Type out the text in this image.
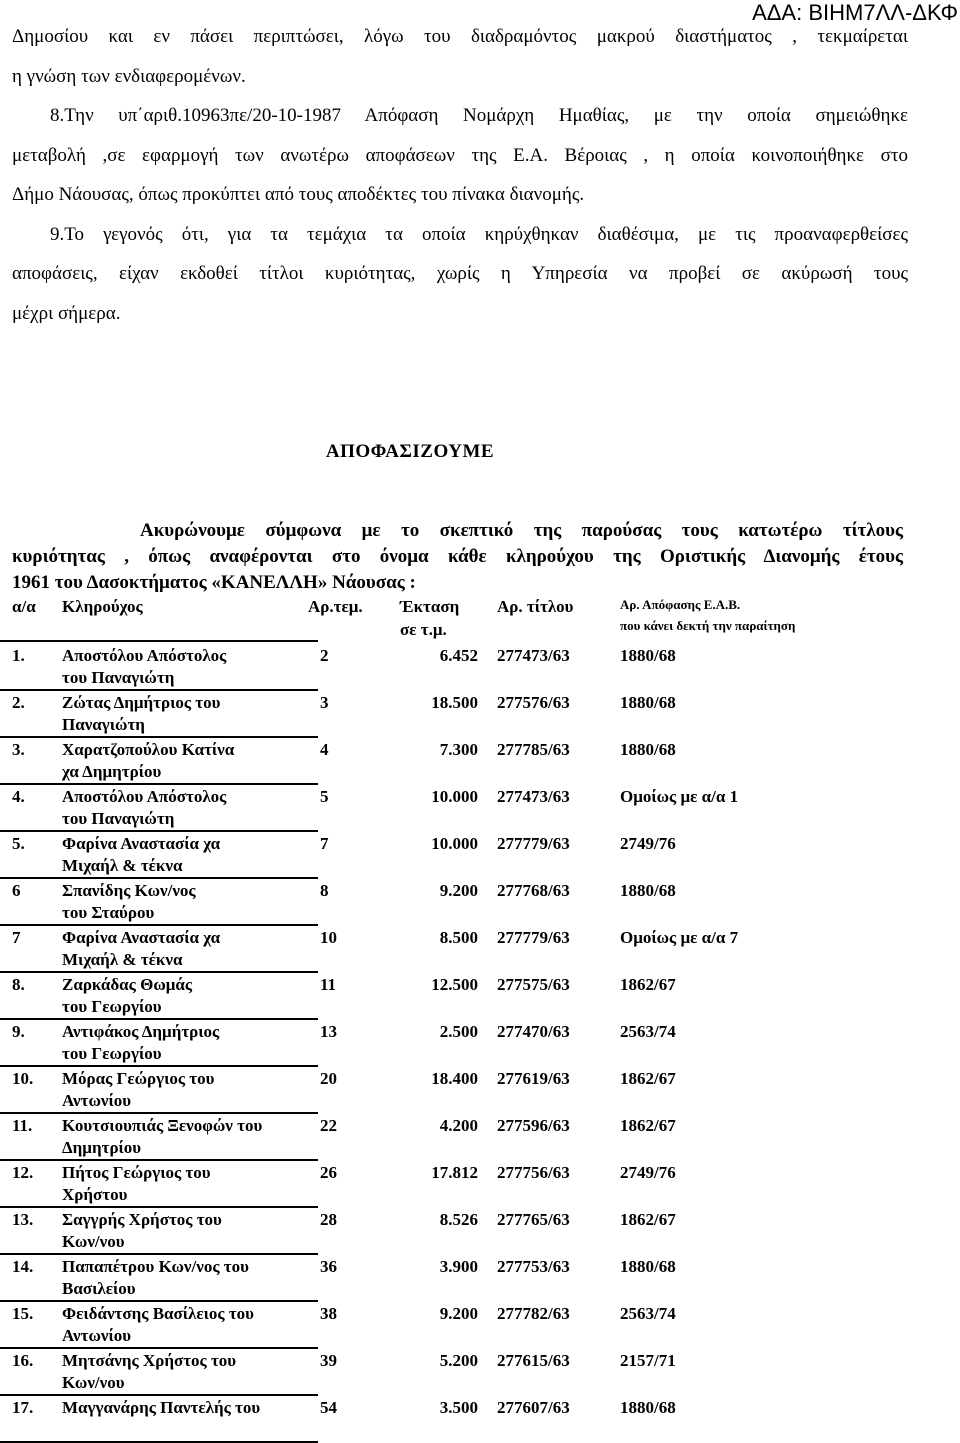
ΑΔΑ: ΒΙΗΜ7ΛΛ-ΔΚΦ
Δημοσίου και εν πάσει περιπτώσει, λόγω του διαδραμόντος μακρού διαστήματος , τεκμαίρεται
η γνώση των ενδιαφερομένων.
8.Την υπ΄αριθ.10963πε/20-10-1987 Απόφαση Νομάρχη Ημαθίας, με την οποία σημειώθηκε
μεταβολή ,σε εφαρμογή των ανωτέρω αποφάσεων της Ε.Α. Βέροιας , η οποία κοινοποιήθηκε στο
Δήμο Νάουσας, όπως προκύπτει από τους αποδέκτες του πίνακα διανομής.
9.Το γεγονός ότι, για τα τεμάχια τα οποία κηρύχθηκαν διαθέσιμα, με τις προαναφερθείσες
αποφάσεις, είχαν εκδοθεί τίτλοι κυριότητας, χωρίς η Υπηρεσία να προβεί σε ακύρωσή τους
μέχρι σήμερα.
ΑΠΟΦΑΣΙΖΟΥΜΕ
Ακυρώνουμε σύμφωνα με το σκεπτικό της παρούσας τους κατωτέρω τίτλους
κυριότητας , όπως αναφέρονται στο όνομα κάθε κληρούχου της Οριστικής Διανομής έτους
1961 του Δασοκτήματος «ΚΑΝΕΛΛΗ» Νάουσας :
α/α Κληρούχος	Αρ.τεμ. Έκταση
σε τ.μ.
Αρ. τίτλου	Αρ. Απόφασης Ε.Α.Β.
που κάνει δεκτή την παραίτηση
1. Αποστόλου Απόστολος	2	6.452 277473/63	1880/68
του Παναγιώτη
2. Ζώτας Δημήτριος του	3	18.500 277576/63	1880/68
Παναγιώτη
3. Χαρατζοπούλου Κατίνα	4	7.300 277785/63	1880/68
χα Δημητρίου
4. Αποστόλου Απόστολος	5	10.000 277473/63	Ομοίως με α/α 1
του Παναγιώτη
5. Φαρίνα Αναστασία χα	7	10.000 277779/63	2749/76
Μιχαήλ & τέκνα
6 Σπανίδης Κων/νος	8	9.200 277768/63	1880/68
του Σταύρου
7 Φαρίνα Αναστασία χα	10	8.500 277779/63	Ομοίως με α/α 7
Μιχαήλ & τέκνα
8. Ζαρκάδας Θωμάς	11	12.500 277575/63	1862/67
του Γεωργίου
9. Αντιφάκος Δημήτριος	13	2.500 277470/63	2563/74
του Γεωργίου
10. Μόρας Γεώργιος του	20	18.400 277619/63	1862/67
Αντωνίου
11. Κουτσιουπιάς Ξενοφών του	22	4.200 277596/63	1862/67
Δημητρίου
12. Πήτος Γεώργιος του	26	17.812 277756/63	2749/76
Χρήστου
13. Σαγγρής Χρήστος του	28	8.526 277765/63	1862/67
Κων/νου
14. Παπαπέτρου Κων/νος του	36	3.900 277753/63	1880/68
Βασιλείου
15. Φειδάντσης Βασίλειος του	38	9.200 277782/63	2563/74
Αντωνίου
16. Μητσάνης Χρήστος του	39	5.200 277615/63	2157/71
Κων/νου
17. Μαγγανάρης Παντελής του	54	3.500 277607/63	1880/68
